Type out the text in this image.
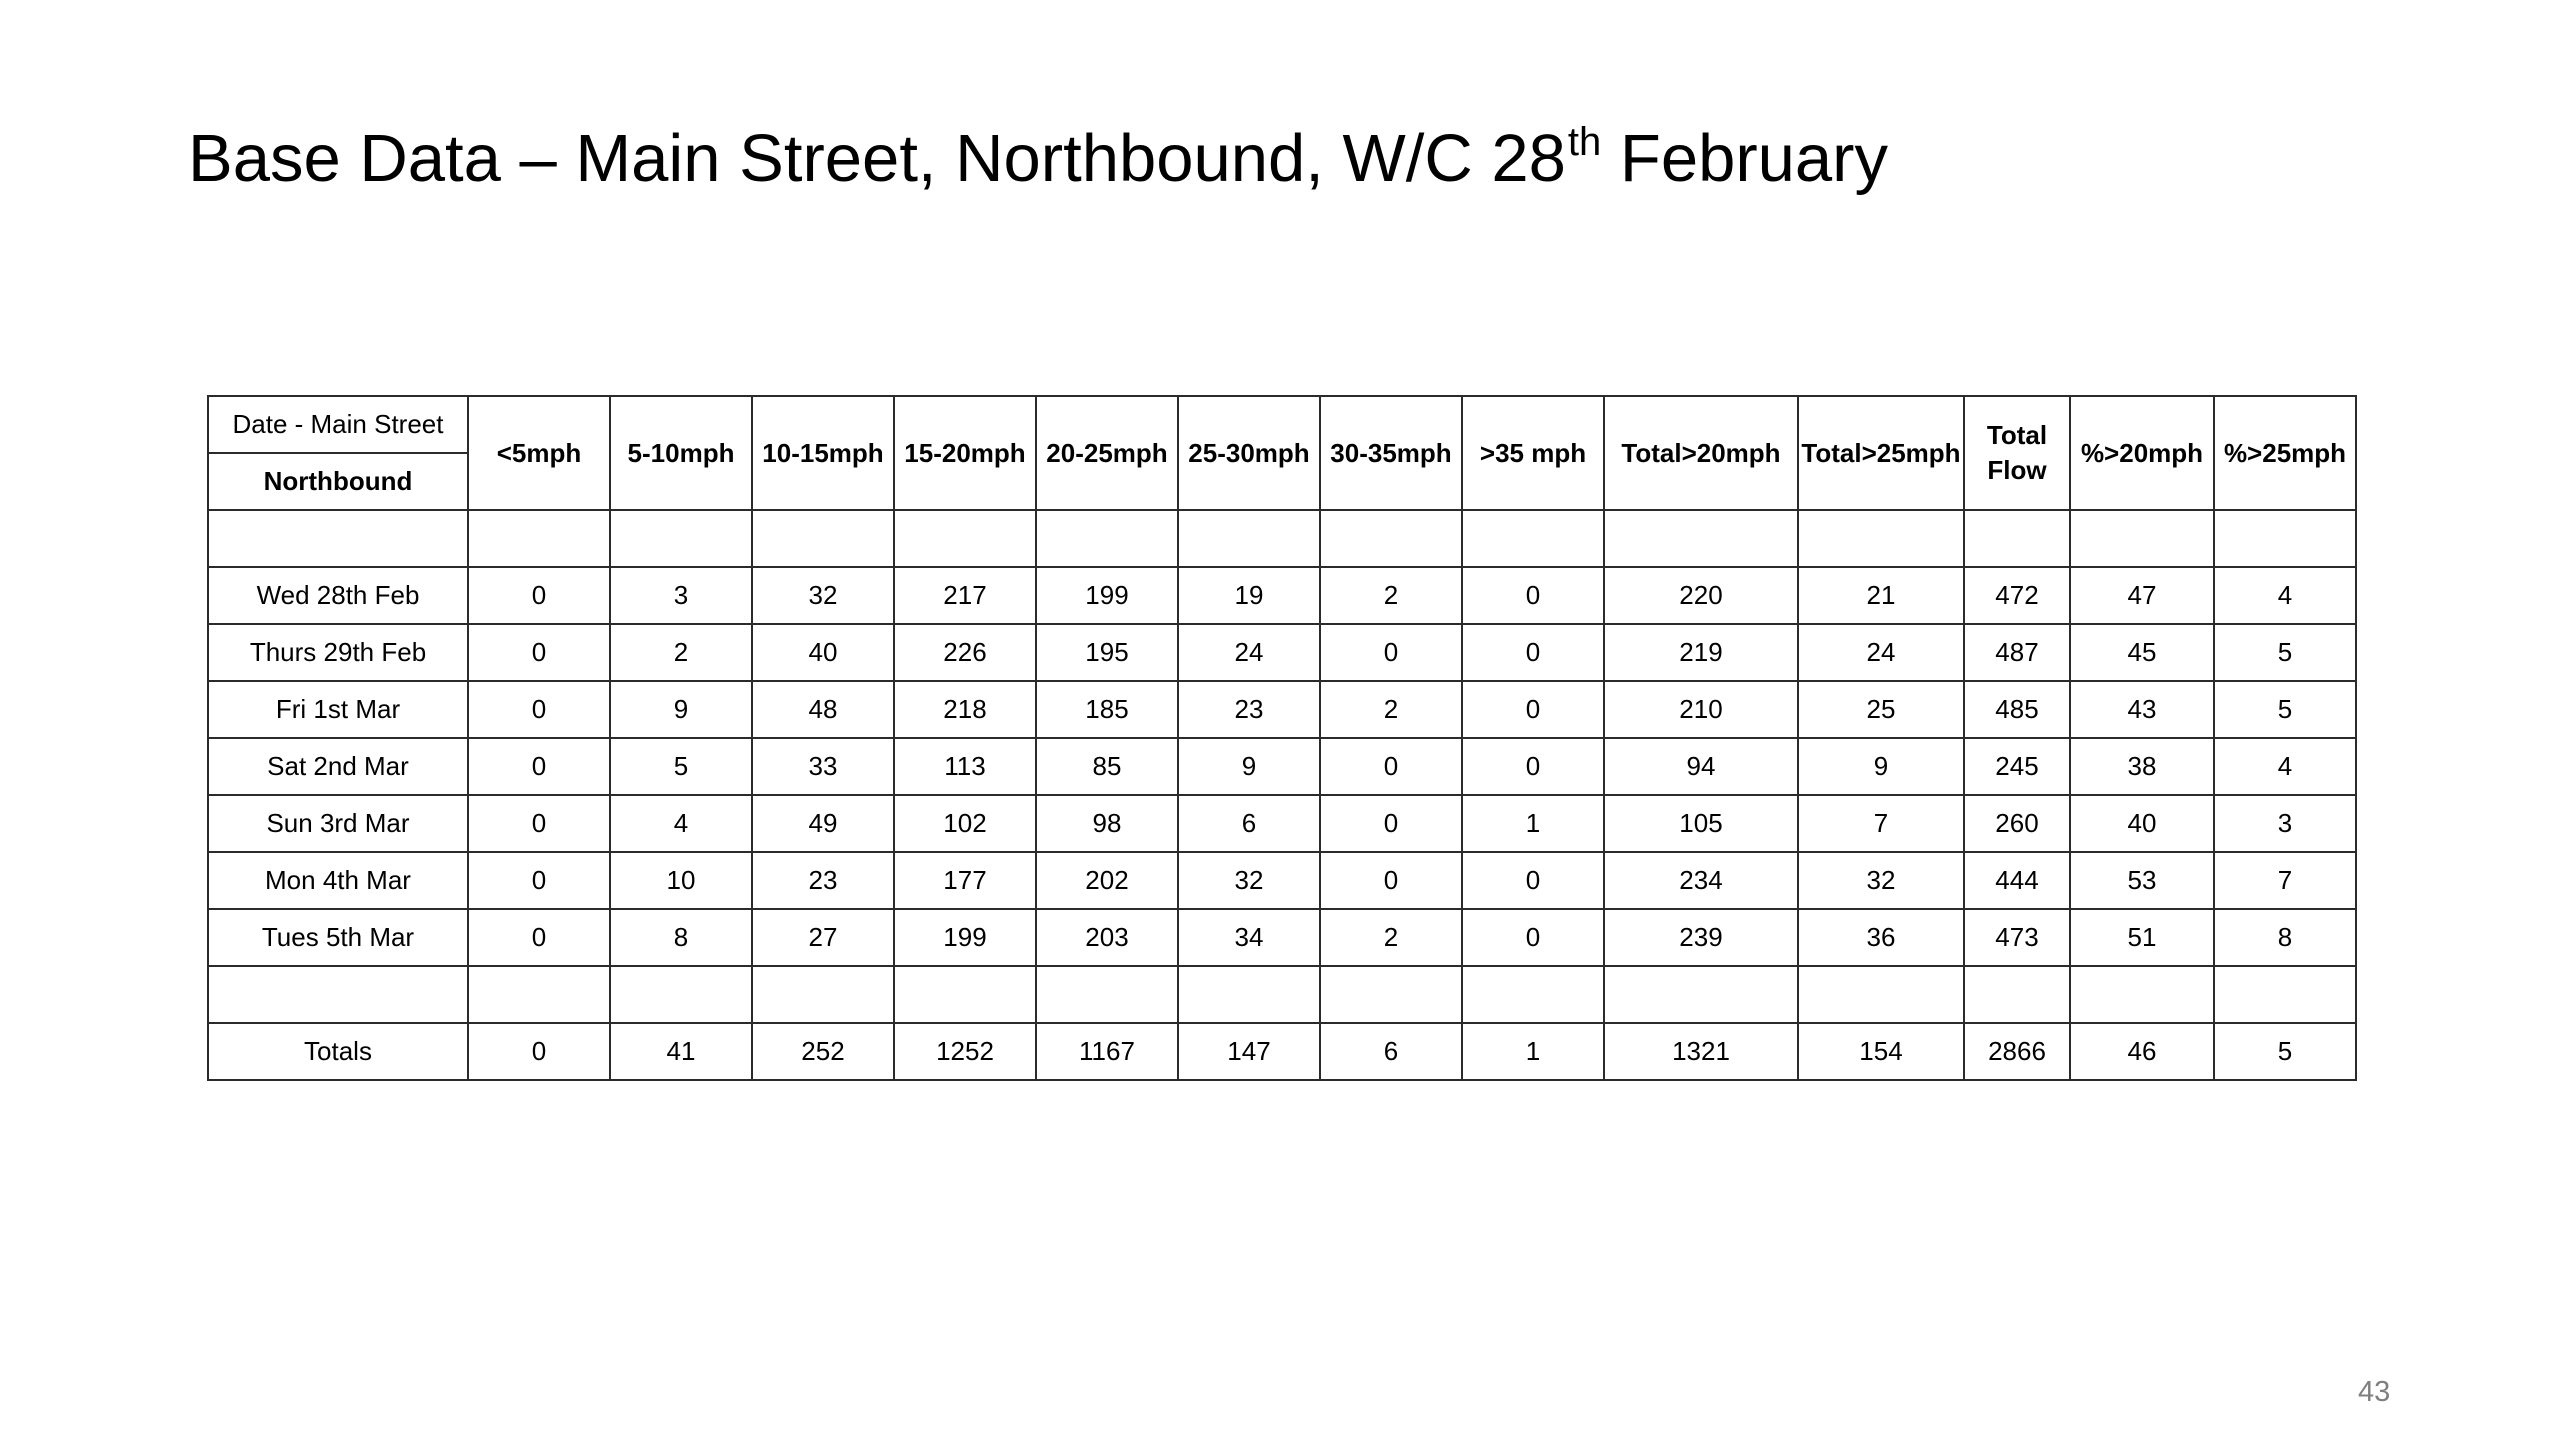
Base Data – Main Street, Northbound, W/C 28th February
Date - Main Street
Northbound	<5mph	5-10mph	10-15mph	15-20mph	20-25mph	25-30mph	30-35mph	>35 mph	Total>20mph	Total>25mph	Total Flow	%>20mph	%>25mph

Wed 28th Feb	0	3	32	217	199	19	2	0	220	21	472	47	4
Thurs 29th Feb	0	2	40	226	195	24	0	0	219	24	487	45	5
Fri 1st Mar	0	9	48	218	185	23	2	0	210	25	485	43	5
Sat 2nd Mar	0	5	33	113	85	9	0	0	94	9	245	38	4
Sun 3rd Mar	0	4	49	102	98	6	0	1	105	7	260	40	3
Mon 4th Mar	0	10	23	177	202	32	0	0	234	32	444	53	7
Tues 5th Mar	0	8	27	199	203	34	2	0	239	36	473	51	8

Totals	0	41	252	1252	1167	147	6	1	1321	154	2866	46	5
43
